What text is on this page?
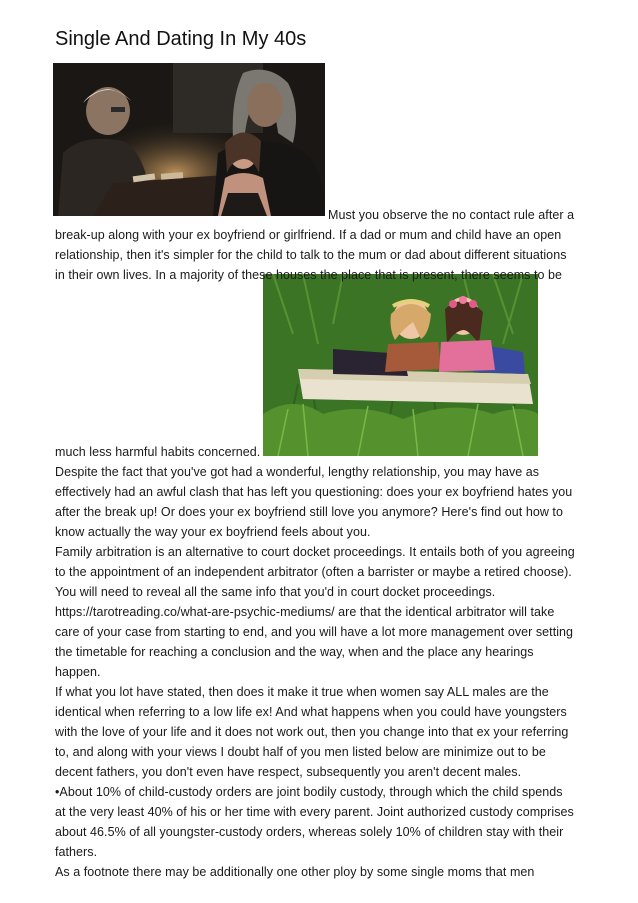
Single And Dating In My 40s
Must you observe the no contact rule after a
break-up along with your ex boyfriend or girlfriend. If a dad or mum and child have an open
relationship, then it's simpler for the child to talk to the mum or dad about different situations
in their own lives. In a majority of these houses the place that is present, there seems to be
much less harmful habits concerned.
Despite the fact that you've got had a wonderful, lengthy relationship, you may have as
effectively had an awful clash that has left you questioning: does your ex boyfriend hates you
after the break up! Or does your ex boyfriend still love you anymore? Here's find out how to
know actually the way your ex boyfriend feels about you.
Family arbitration is an alternative to court docket proceedings. It entails both of you agreeing
to the appointment of an independent arbitrator (often a barrister or maybe a retired choose).
You will need to reveal all the same info that you'd in court docket proceedings.
https://tarotreading.co/what-are-psychic-mediums/ are that the identical arbitrator will take
care of your case from starting to end, and you will have a lot more management over setting
the timetable for reaching a conclusion and the way, when and the place any hearings
happen.
If what you lot have stated, then does it make it true when women say ALL males are the
identical when referring to a low life ex! And what happens when you could have youngsters
with the love of your life and it does not work out, then you change into that ex your referring
to, and along with your views I doubt half of you men listed below are minimize out to be
decent fathers, you don't even have respect, subsequently you aren't decent males.
•About 10% of child-custody orders are joint bodily custody, through which the child spends
at the very least 40% of his or her time with every parent. Joint authorized custody comprises
about 46.5% of all youngster-custody orders, whereas solely 10% of children stay with their
fathers.
As a footnote there may be additionally one other ploy by some single moms that men
